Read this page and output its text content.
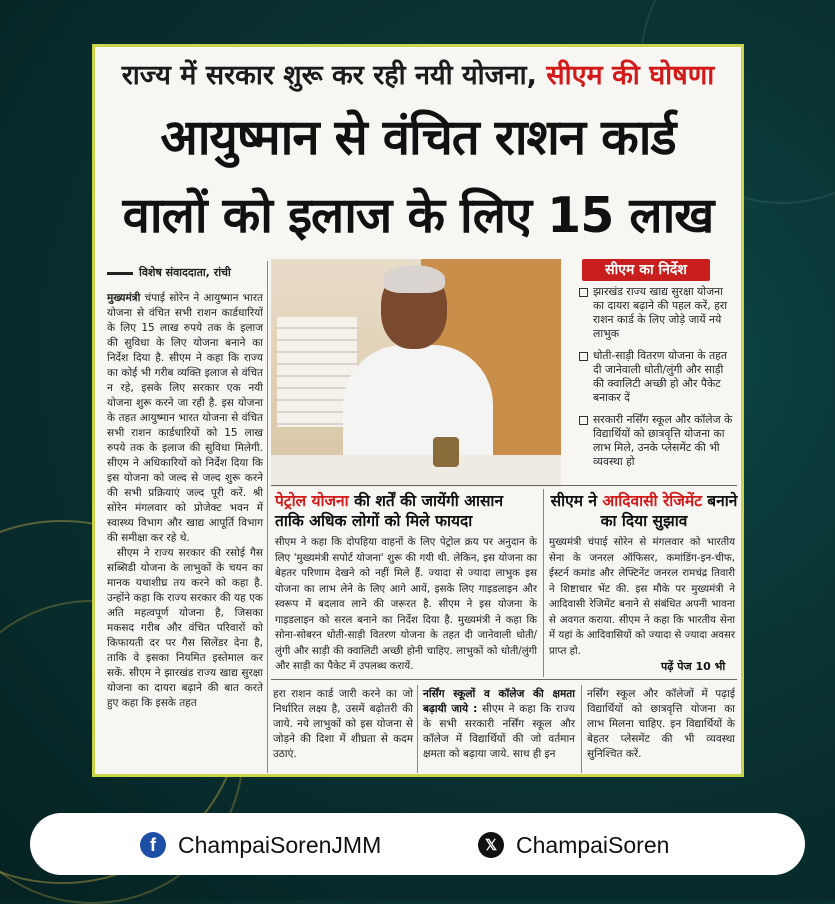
राज्य में सरकार शुरू कर रही नयी योजना, सीएम की घोषणा
आयुष्मान से वंचित राशन कार्ड
वालों को इलाज के लिए 15 लाख
विशेष संवाददाता, रांची

मुख्यमंत्री चंपाई सोरेन ने आयुष्मान भारत योजना से वंचित सभी राशन कार्डधारियों के लिए 15 लाख रुपये तक के इलाज की सुविधा के लिए योजना बनाने का निर्देश दिया है. सीएम ने कहा कि राज्य का कोई भी गरीब व्यक्ति इलाज से वंचित न रहे, इसके लिए सरकार एक नयी योजना शुरू करने जा रही है. इस योजना के तहत आयुष्मान भारत योजना से वंचित सभी राशन कार्डधारियों को 15 लाख रुपये तक के इलाज की सुविधा मिलेगी. सीएम ने अधिकारियों को निर्देश दिया कि इस योजना को जल्द से जल्द शुरू करने की सभी प्रक्रियाएं जल्द पूरी करें. श्री सोरेन मंगलवार को प्रोजेक्ट भवन में स्वास्थ्य विभाग और खाद्य आपूर्ति विभाग की समीक्षा कर रहे थे.
सीएम ने राज्य सरकार की रसोई गैस सब्सिडी योजना के लाभुकों के चयन का मानक यथाशीघ्र तय करने को कहा है. उन्होंने कहा कि राज्य सरकार की यह एक अति महत्वपूर्ण योजना है, जिसका मकसद गरीब और वंचित परिवारों को किफायती दर पर गैस सिलेंडर देना है, ताकि वे इसका नियमित इस्तेमाल कर सकें. सीएम ने झारखंड राज्य खाद्य सुरक्षा योजना का दायरा बढ़ाने की बात करते हुए कहा कि इसके तहत

सीएम का निर्देश
झारखंड राज्य खाद्य सुरक्षा योजना का दायरा बढ़ाने की पहल करें, हरा राशन कार्ड के लिए जोड़े जायें नये लाभुक
धोती-साड़ी वितरण योजना के तहत दी जानेवाली धोती/लुंगी और साड़ी की क्वालिटी अच्छी हो और पैकेट बनाकर दें
सरकारी नर्सिंग स्कूल और कॉलेज के विद्यार्थियों को छात्रवृत्ति योजना का लाभ मिले, उनके प्लेसमेंट की भी व्यवस्था हो
पेट्रोल योजना की शर्तें की जायेंगी आसान ताकि अधिक लोगों को मिले फायदा

सीएम ने कहा कि दोपहिया वाहनों के लिए पेट्रोल क्रय पर अनुदान के लिए 'मुख्यमंत्री सपोर्ट योजना' शुरू की गयी थी. लेकिन, इस योजना का बेहतर परिणाम देखने को नहीं मिले हैं. ज्यादा से ज्यादा लाभुक इस योजना का लाभ लेने के लिए आगे आयें, इसके लिए गाइडलाइन और स्वरूप में बदलाव लाने की जरूरत है. सीएम ने इस योजना के गाइडलाइन को सरल बनाने का निर्देश दिया है. मुख्यमंत्री ने कहा कि सोना-सोबरन धोती-साड़ी वितरण योजना के तहत दी जानेवाली धोती/लुंगी और साड़ी की क्वालिटी अच्छी होनी चाहिए. लाभुकों को धोती/लुंगी और साड़ी का पैकेट में उपलब्ध करायें.

सीएम ने आदिवासी रेजिमेंट बनाने का दिया सुझाव

मुख्यमंत्री चंपाई सोरेन से मंगलवार को भारतीय सेना के जनरल ऑफिसर, कमांडिंग-इन-चीफ, ईस्टर्न कमांड और लेफ्टिनेंट जनरल रामचंद्र तिवारी ने शिष्टाचार भेंट की. इस मौके पर मुख्यमंत्री ने आदिवासी रेजिमेंट बनाने से संबंधित अपनी भावना से अवगत कराया. सीएम ने कहा कि भारतीय सेना में यहां के आदिवासियों को ज्यादा से ज्यादा अवसर प्राप्त हो.

पढ़ें पेज 10 भी

हरा राशन कार्ड जारी करने का जो निर्धारित लक्ष्य है, उसमें बढ़ोतरी की जाये. नये लाभुकों को इस योजना से जोड़ने की दिशा में शीघ्रता से कदम उठाएं.

नर्सिंग स्कूलों व कॉलेज की क्षमता बढ़ायी जाये : सीएम ने कहा कि राज्य के सभी सरकारी नर्सिंग स्कूल और कॉलेज में विद्यार्थियों की जो वर्तमान क्षमता को बढ़ाया जाये. साथ ही इन

नर्सिंग स्कूल और कॉलेजों में पढ़ाई विद्यार्थियों को छात्रवृत्ति योजना का लाभ मिलना चाहिए. इन विद्यार्थियों के बेहतर प्लेसमेंट की भी व्यवस्था सुनिश्चित करें.

f ChampaiSorenJMM	𝕏 ChampaiSoren
